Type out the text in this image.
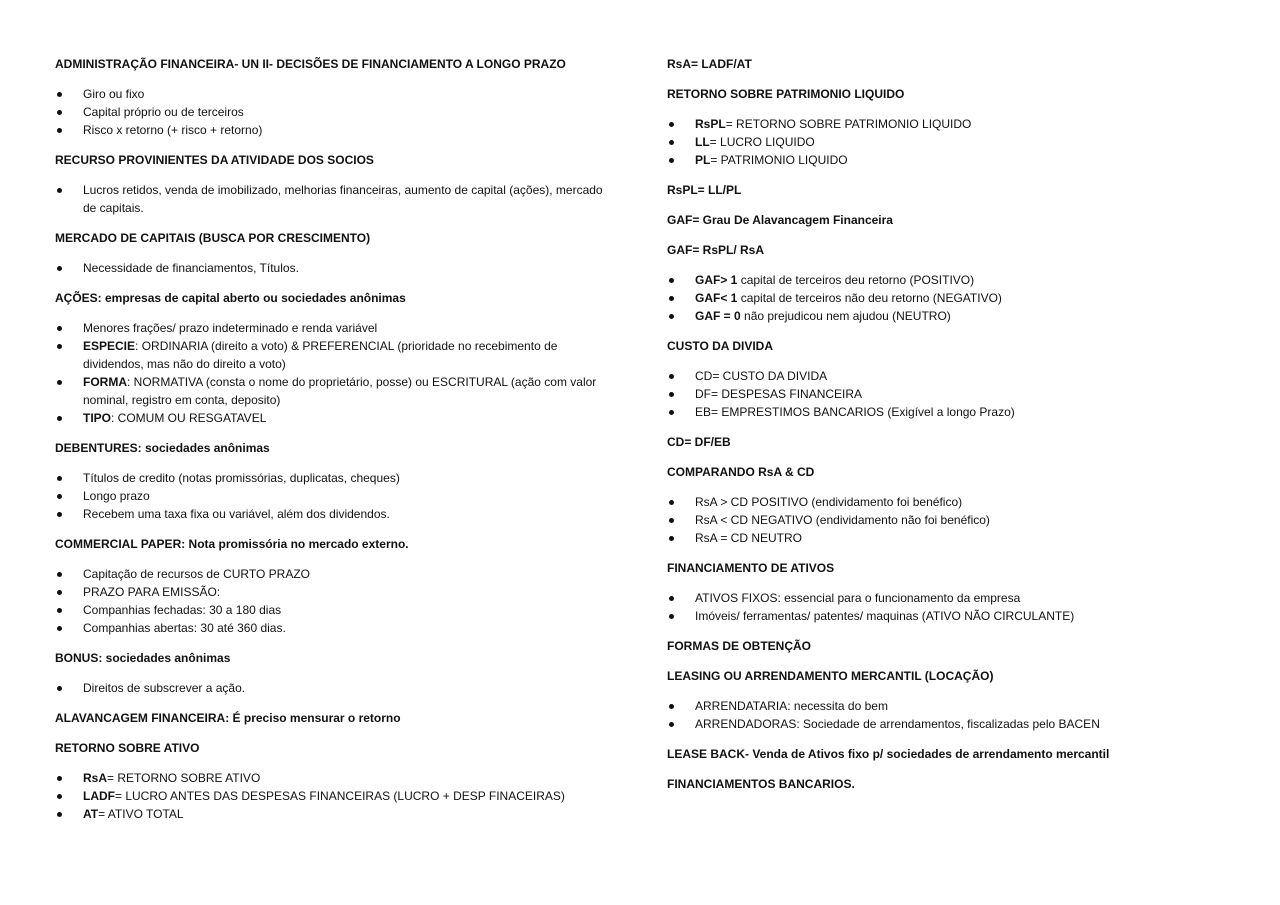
ADMINISTRAÇÃO FINANCEIRA- UN II- DECISÕES DE FINANCIAMENTO A LONGO PRAZO

Giro ou fixo
Capital próprio ou de terceiros
Risco x retorno (+ risco + retorno)

RECURSO PROVINIENTES DA ATIVIDADE DOS SOCIOS

Lucros retidos, venda de imobilizado, melhorias financeiras, aumento de capital (ações), mercado de capitais.

MERCADO DE CAPITAIS (BUSCA POR CRESCIMENTO)

Necessidade de financiamentos, Títulos.

AÇÕES: empresas de capital aberto ou sociedades anônimas

Menores frações/ prazo indeterminado e renda variável
ESPECIE: ORDINARIA (direito a voto) & PREFERENCIAL (prioridade no recebimento de dividendos, mas não do direito a voto)
FORMA: NORMATIVA (consta o nome do proprietário, posse) ou ESCRITURAL (ação com valor nominal, registro em conta, deposito)
TIPO: COMUM OU RESGATAVEL

DEBENTURES: sociedades anônimas

Títulos de credito (notas promissórias, duplicatas, cheques)
Longo prazo
Recebem uma taxa fixa ou variável, além dos dividendos.

COMMERCIAL PAPER: Nota promissória no mercado externo.

Capitação de recursos de CURTO PRAZO
PRAZO PARA EMISSÃO:
Companhias fechadas: 30 a 180 dias
Companhias abertas: 30 até 360 dias.

BONUS: sociedades anônimas

Direitos de subscrever a ação.

ALAVANCAGEM FINANCEIRA: É preciso mensurar o retorno

RETORNO SOBRE ATIVO

RsA= RETORNO SOBRE ATIVO
LADF= LUCRO ANTES DAS DESPESAS FINANCEIRAS (LUCRO + DESP FINACEIRAS)
AT= ATIVO TOTAL

RsA= LADF/AT

RETORNO SOBRE PATRIMONIO LIQUIDO

RsPL= RETORNO SOBRE PATRIMONIO LIQUIDO
LL= LUCRO LIQUIDO
PL= PATRIMONIO LIQUIDO

RsPL= LL/PL

GAF= Grau De Alavancagem Financeira

GAF= RsPL/ RsA

GAF> 1 capital de terceiros deu retorno (POSITIVO)
GAF< 1 capital de terceiros não deu retorno (NEGATIVO)
GAF = 0 não prejudicou nem ajudou (NEUTRO)

CUSTO DA DIVIDA

CD= CUSTO DA DIVIDA
DF= DESPESAS FINANCEIRA
EB= EMPRESTIMOS BANCARIOS (Exigível a longo Prazo)

CD= DF/EB

COMPARANDO RsA & CD

RsA > CD POSITIVO (endividamento foi benéfico)
RsA < CD NEGATIVO (endividamento não foi benéfico)
RsA = CD NEUTRO

FINANCIAMENTO DE ATIVOS

ATIVOS FIXOS: essencial para o funcionamento da empresa
Imóveis/ ferramentas/ patentes/ maquinas (ATIVO NÃO CIRCULANTE)

FORMAS DE OBTENÇÃO

LEASING OU ARRENDAMENTO MERCANTIL (LOCAÇÃO)

ARRENDATARIA: necessita do bem
ARRENDADORAS: Sociedade de arrendamentos, fiscalizadas pelo BACEN

LEASE BACK- Venda de Ativos fixo p/ sociedades de arrendamento mercantil

FINANCIAMENTOS BANCARIOS.
